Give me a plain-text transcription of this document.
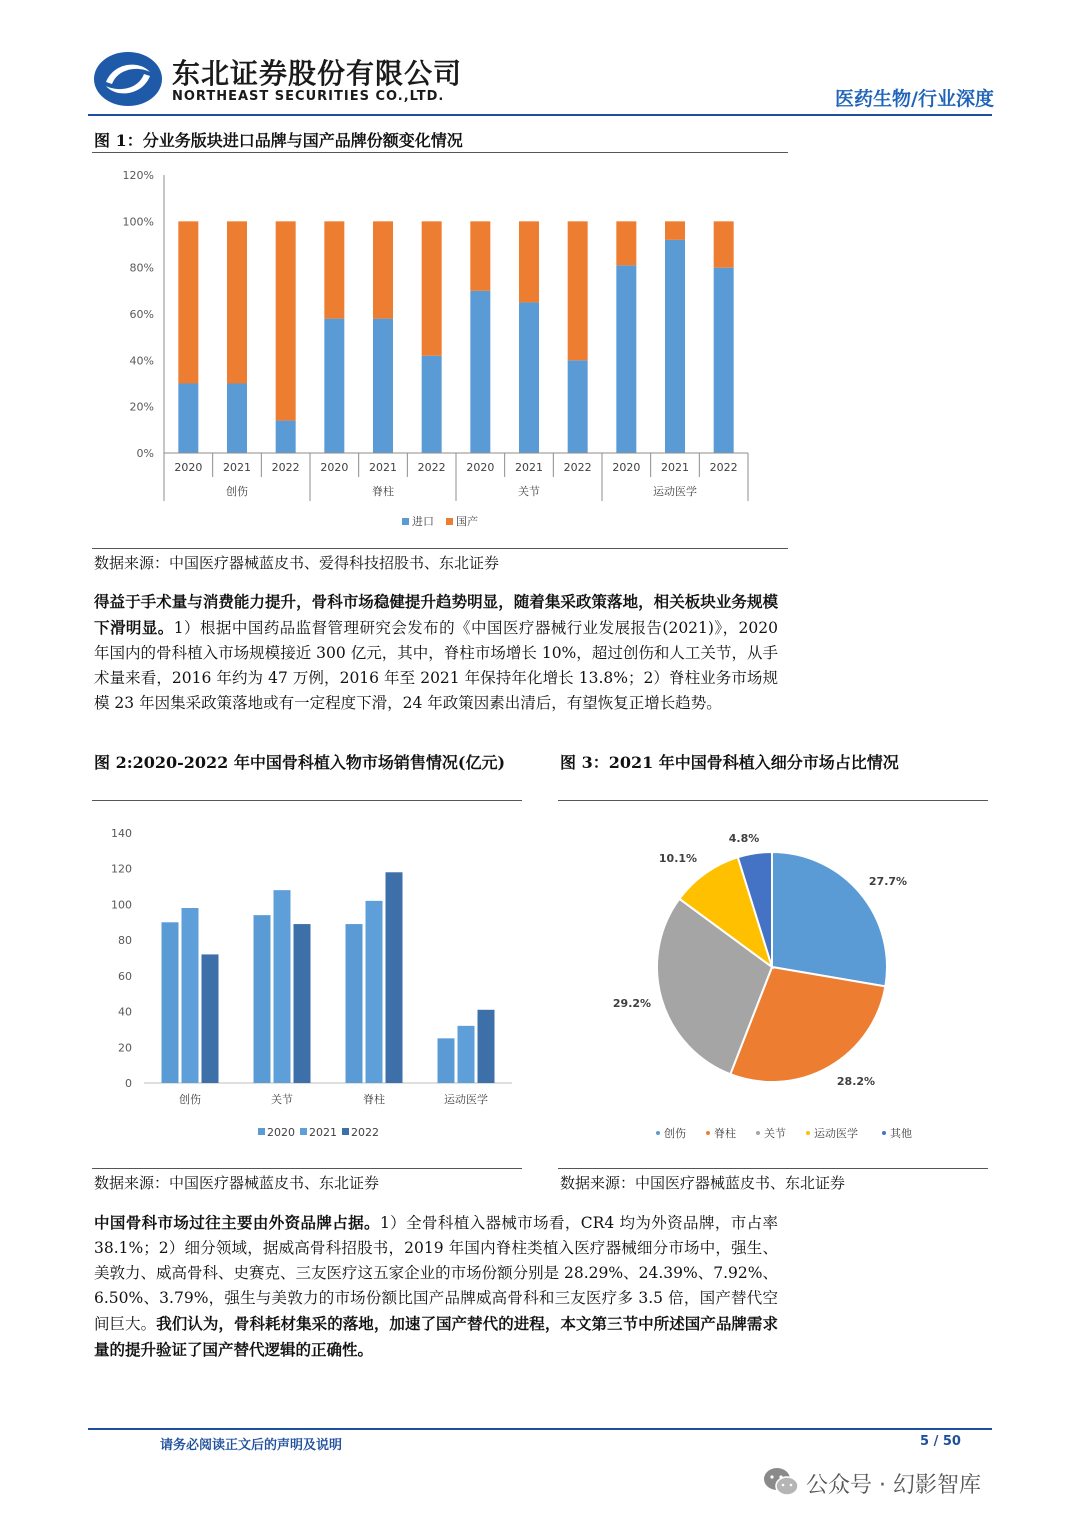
东北证券股份有限公司
NORTHEAST SECURITIES CO.,LTD.	医药生物/行业深度
图 1：分业务版块进口品牌与国产品牌份额变化情况
0%
20%
40%
60%
80%
100%
120%
2020 2021 2022 2020 2021 2022 2020 2021 2022 2020 2021 2022
创伤	脊柱	关节	运动医学
进口 国产
数据来源：中国医疗器械蓝皮书、爱得科技招股书、东北证券
得益于手术量与消费能力提升，骨科市场稳健提升趋势明显，随着集采政策落地，相关板块业务规模下滑明显。1）根据中国药品监督管理研究会发布的《中国医疗器械行业发展报告(2021)》，2020 年国内的骨科植入市场规模接近 300 亿元，其中，脊柱市场增长 10%，超过创伤和人工关节，从手术量来看，2016 年约为 47 万例，2016 年至 2021 年保持年化增长 13.8%；2）脊柱业务市场规模 23 年因集采政策落地或有一定程度下滑，24 年政策因素出清后，有望恢复正增长趋势。
图 2:2020-2022 年中国骨科植入物市场销售情况(亿元)
0
20
40
60
80
100
120
140
创伤	关节	脊柱	运动医学
2020 2021 2022
数据来源：中国医疗器械蓝皮书、东北证券
图 3：2021 年中国骨科植入细分市场占比情况
27.7%
28.2%
29.2%
10.1%
4.8%
创伤	脊柱	关节	运动医学	其他
数据来源：中国医疗器械蓝皮书、东北证券
中国骨科市场过往主要由外资品牌占据。1）全骨科植入器械市场看，CR4 均为外资品牌，市占率 38.1%；2）细分领域，据威高骨科招股书，2019 年国内脊柱类植入医疗器械细分市场中，强生、美敦力、威高骨科、史赛克、三友医疗这五家企业的市场份额分别是 28.29%、24.39%、7.92%、6.50%、3.79%，强生与美敦力的市场份额比国产品牌威高骨科和三友医疗多 3.5 倍，国产替代空间巨大。我们认为，骨科耗材集采的落地，加速了国产替代的进程，本文第三节中所述国产品牌需求量的提升验证了国产替代逻辑的正确性。
请务必阅读正文后的声明及说明	5 / 50
公众号 · 幻影智库
